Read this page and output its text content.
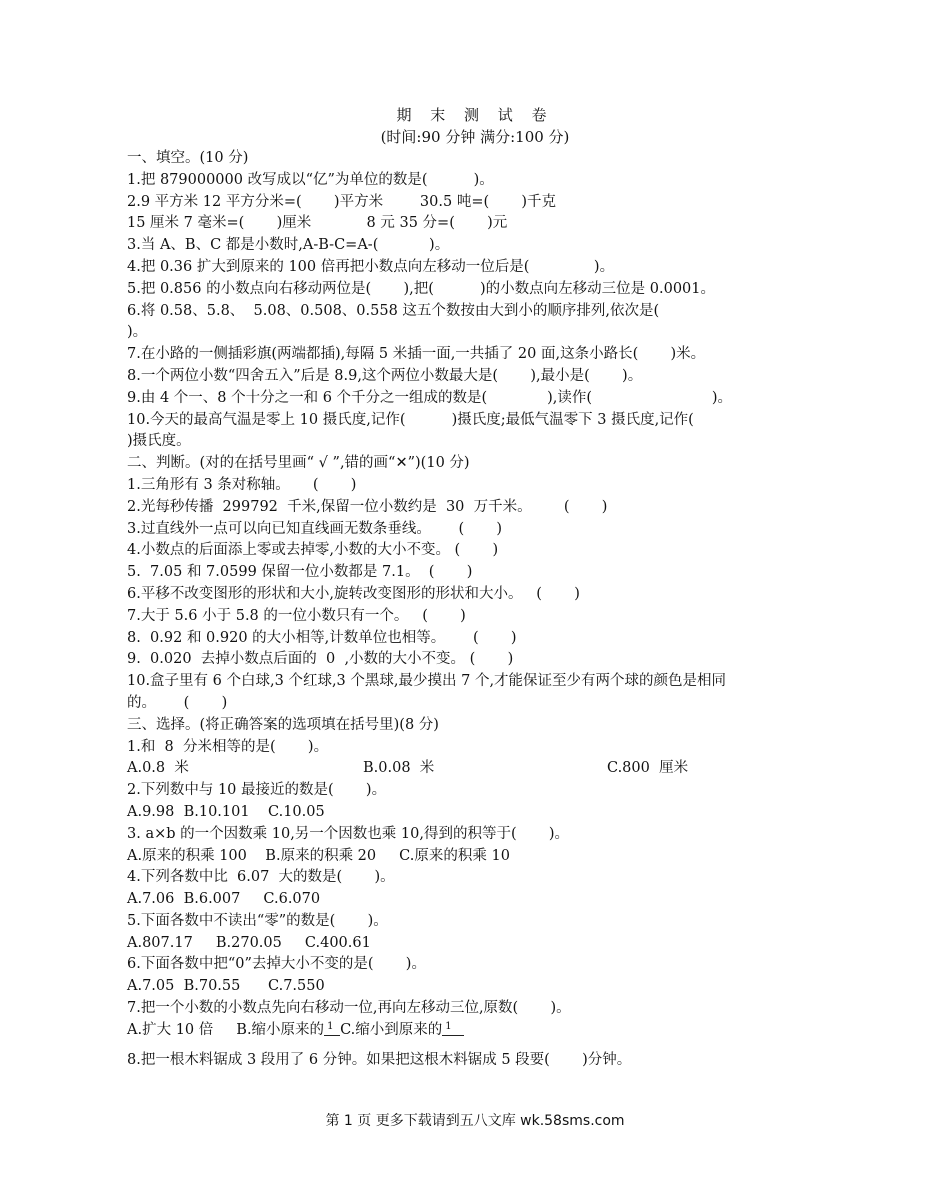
期 末 测 试 卷
(时间:90 分钟 满分:100 分)
一、填空。(10 分)
1.把 879000000 改写成以“亿”为单位的数是(          )。
2.9 平方米 12 平方分米=(       )平方米        30.5 吨=(       )千克
15 厘米 7 毫米=(       )厘米            8 元 35 分=(       )元
3.当 A、B、C 都是小数时,A-B-C=A-(           )。
4.把 0.36 扩大到原来的 100 倍再把小数点向左移动一位后是(              )。
5.把 0.856 的小数点向右移动两位是(       ),把(          )的小数点向左移动三位是 0.0001。
6.将 0.58、5.8、  5.08、0.508、0.558 这五个数按由大到小的顺序排列,依次是(
)。
7.在小路的一侧插彩旗(两端都插),每隔 5 米插一面,一共插了 20 面,这条小路长(       )米。
8.一个两位小数“四舍五入”后是 8.9,这个两位小数最大是(       ),最小是(       )。
9.由 4 个一、8 个十分之一和 6 个千分之一组成的数是(             ),读作(                          )。
10.今天的最高气温是零上 10 摄氏度,记作(          )摄氏度;最低气温零下 3 摄氏度,记作(
)摄氏度。
二、判断。(对的在括号里画“ √ ”,错的画“✕”)(10 分)
1.三角形有 3 条对称轴。     (       )
2.光每秒传播  299792  千米,保留一位小数约是  30  万千米。       (       )
3.过直线外一点可以向已知直线画无数条垂线。      (       )
4.小数点的后面添上零或去掉零,小数的大小不变。 (       )
5.  7.05 和 7.0599 保留一位小数都是 7.1。  (       )
6.平移不改变图形的形状和大小,旋转改变图形的形状和大小。   (       )
7.大于 5.6 小于 5.8 的一位小数只有一个。   (       )
8.  0.92 和 0.920 的大小相等,计数单位也相等。      (       )
9.  0.020  去掉小数点后面的  0  ,小数的大小不变。 (       )
10.盒子里有 6 个白球,3 个红球,3 个黑球,最少摸出 7 个,才能保证至少有两个球的颜色是相同
的。      (       )
三、选择。(将正确答案的选项填在括号里)(8 分)
1.和  8  分米相等的是(       )。
A.0.8  米	B.0.08  米	C.800  厘米
2.下列数中与 10 最接近的数是(       )。
A.9.98  B.10.101    C.10.05
3. a×b 的一个因数乘 10,另一个因数也乘 10,得到的积等于(       )。
A.原来的积乘 100    B.原来的积乘 20     C.原来的积乘 10
4.下列各数中比  6.07  大的数是(       )。
A.7.06  B.6.007     C.6.070
5.下面各数中不读出“零”的数是(       )。
A.807.17     B.270.05     C.400.61
6.下面各数中把“0”去掉大小不变的是(       )。
A.7.05  B.70.55      C.7.550
7.把一个小数的小数点先向右移动一位,再向左移动三位,原数(       )。
A.扩大 10 倍     B.缩小原来的 1 C.缩小到原来的 1
8.把一根木料锯成 3 段用了 6 分钟。如果把这根木料锯成 5 段要(       )分钟。
第 1 页 更多下载请到五八文库 wk.58sms.com
